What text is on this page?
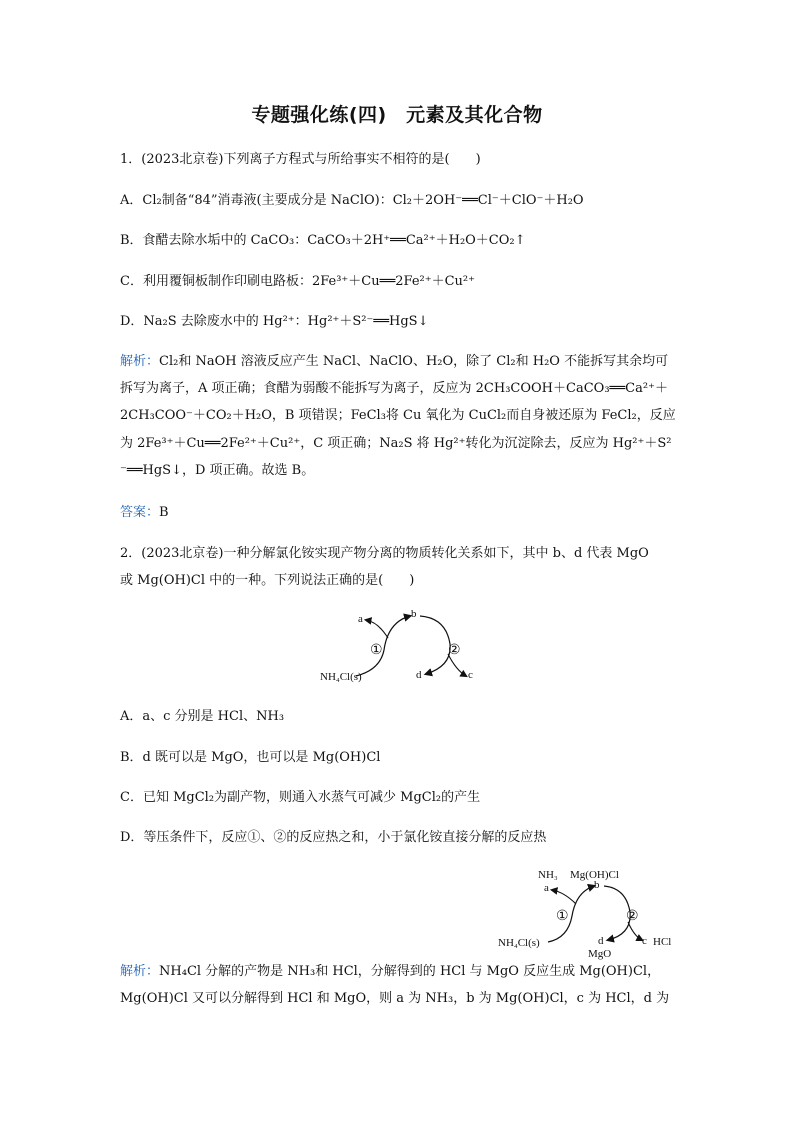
专题强化练(四)　元素及其化合物
1．(2023北京卷)下列离子方程式与所给事实不相符的是(　　)
A．Cl₂制备“84”消毒液(主要成分是 NaClO)：Cl₂＋2OH⁻══Cl⁻＋ClO⁻＋H₂O
B．食醋去除水垢中的 CaCO₃：CaCO₃＋2H⁺══Ca²⁺＋H₂O＋CO₂↑
C．利用覆铜板制作印刷电路板：2Fe³⁺＋Cu══2Fe²⁺＋Cu²⁺
D．Na₂S 去除废水中的 Hg²⁺：Hg²⁺＋S²⁻══HgS↓
解析：Cl₂和 NaOH 溶液反应产生 NaCl、NaClO、H₂O，除了 Cl₂和 H₂O 不能拆写其余均可
拆写为离子，A 项正确；食醋为弱酸不能拆写为离子，反应为 2CH₃COOH＋CaCO₃══Ca²⁺＋
2CH₃COO⁻＋CO₂＋H₂O，B 项错误；FeCl₃将 Cu 氧化为 CuCl₂而自身被还原为 FeCl₂，反应
为 2Fe³⁺＋Cu══2Fe²⁺＋Cu²⁺，C 项正确；Na₂S 将 Hg²⁺转化为沉淀除去，反应为 Hg²⁺＋S²
⁻══HgS↓，D 项正确。故选 B。
答案：B
2．(2023北京卷)一种分解氯化铵实现产物分离的物质转化关系如下，其中 b、d 代表 MgO
或 Mg(OH)Cl 中的一种。下列说法正确的是(　　)
a	b
c
d
①	②
NH₄Cl(s)
A．a、c 分别是 HCl、NH₃
B．d 既可以是 MgO，也可以是 Mg(OH)Cl
C．已知 MgCl₂为副产物，则通入水蒸气可减少 MgCl₂的产生
D．等压条件下，反应①、②的反应热之和，小于氯化铵直接分解的反应热
NH₃
a
Mg(OH)Cl
b
c HCl
d
MgO
①	②
NH₄Cl(s)
解析：NH₄Cl 分解的产物是 NH₃和 HCl，分解得到的 HCl 与 MgO 反应生成 Mg(OH)Cl，
Mg(OH)Cl 又可以分解得到 HCl 和 MgO，则 a 为 NH₃，b 为 Mg(OH)Cl，c 为 HCl，d 为
